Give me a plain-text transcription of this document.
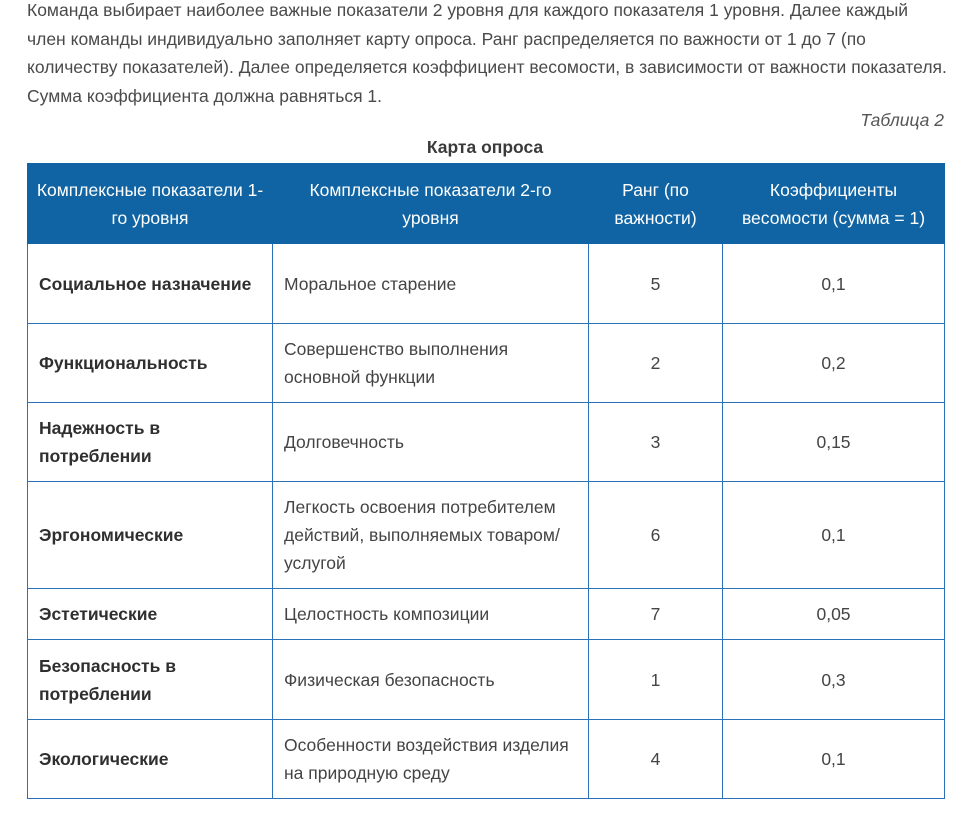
Команда выбирает наиболее важные показатели 2 уровня для каждого показателя 1 уровня. Далее каждый член команды индивидуально заполняет карту опроса. Ранг распределяется по важности от 1 до 7 (по количеству показателей). Далее определяется коэффициент весомости, в зависимости от важности показателя. Сумма коэффициента должна равняться 1.

Таблица 2
Карта опроса
Комплексные показатели 1-го уровня	Комплексные показатели 2-го уровня	Ранг (по важности)	Коэффициенты весомости (сумма = 1)
Социальное назначение	Моральное старение	5	0,1
Функциональность	Совершенство выполнения основной функции	2	0,2
Надежность в потреблении	Долговечность	3	0,15
Эргономические	Легкость освоения потребителем действий, выполняемых товаром/услугой	6	0,1
Эстетические	Целостность композиции	7	0,05
Безопасность в потреблении	Физическая безопасность	1	0,3
Экологические	Особенности воздействия изделия на природную среду	4	0,1
